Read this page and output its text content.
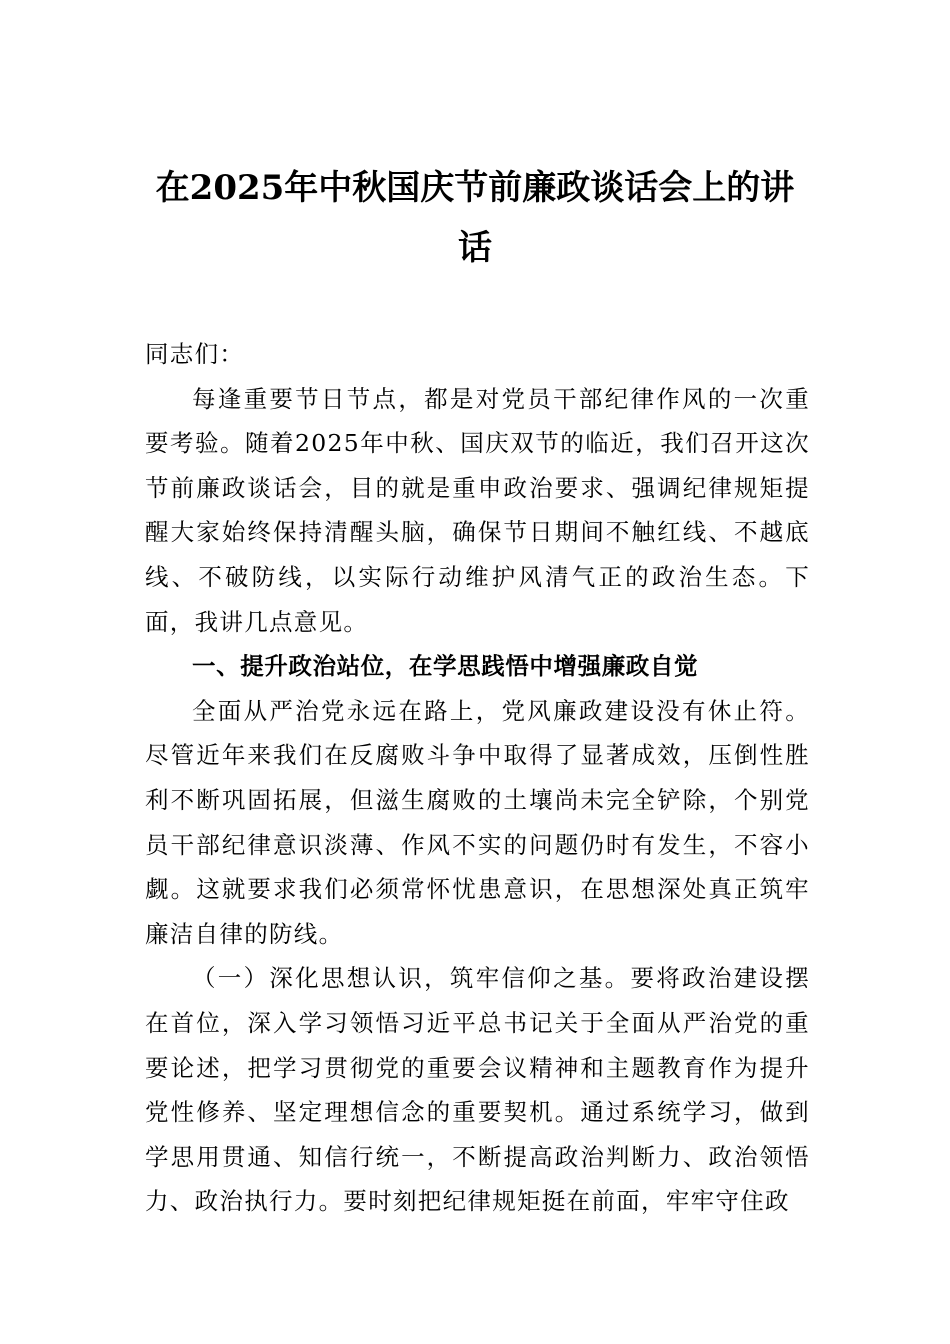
在2025年中秋国庆节前廉政谈话会上的讲话

同志们：

每逢重要节日节点，都是对党员干部纪律作风的一次重要考验。随着2025年中秋、国庆双节的临近，我们召开这次节前廉政谈话会，目的就是重申政治要求、强调纪律规矩提醒大家始终保持清醒头脑，确保节日期间不触红线、不越底线、不破防线，以实际行动维护风清气正的政治生态。下面，我讲几点意见。

一、提升政治站位，在学思践悟中增强廉政自觉

全面从严治党永远在路上，党风廉政建设没有休止符。尽管近年来我们在反腐败斗争中取得了显著成效，压倒性胜利不断巩固拓展，但滋生腐败的土壤尚未完全铲除，个别党员干部纪律意识淡薄、作风不实的问题仍时有发生，不容小觑。这就要求我们必须常怀忧患意识，在思想深处真正筑牢廉洁自律的防线。

（一）深化思想认识，筑牢信仰之基。要将政治建设摆在首位，深入学习领悟习近平总书记关于全面从严治党的重要论述，把学习贯彻党的重要会议精神和主题教育作为提升党性修养、坚定理想信念的重要契机。通过系统学习，做到学思用贯通、知信行统一，不断提高政治判断力、政治领悟力、政治执行力。要时刻把纪律规矩挺在前面，牢牢守住政
